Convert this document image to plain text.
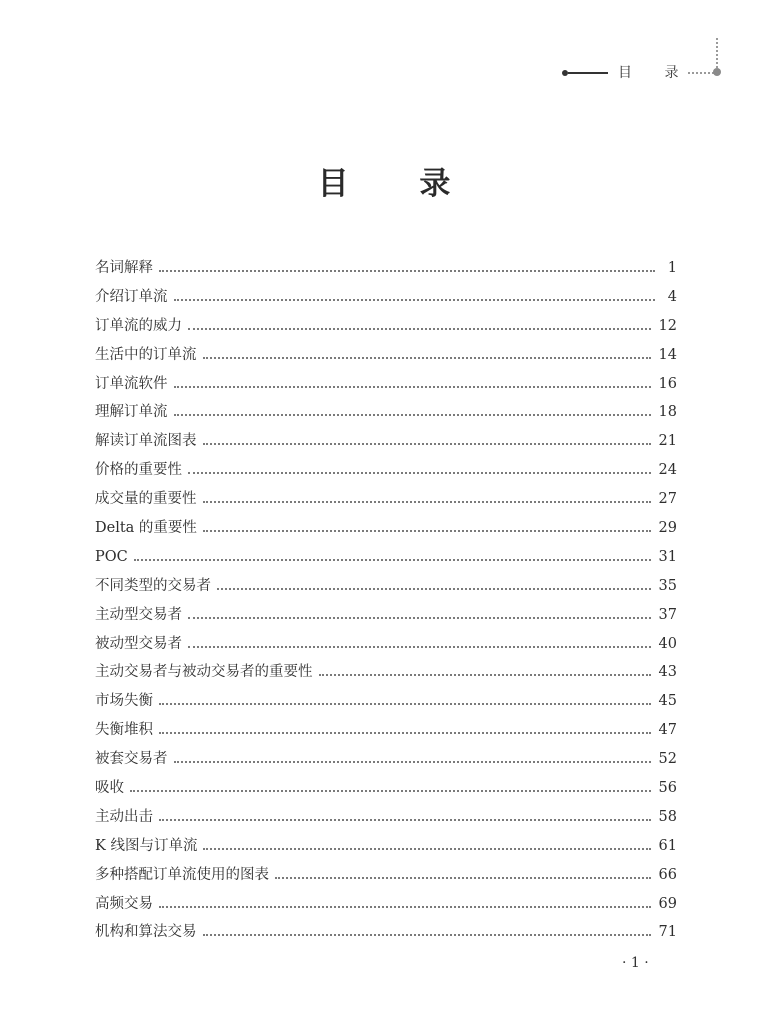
目 录
目 录
名词解释	1
介绍订单流	4
订单流的威力	12
生活中的订单流	14
订单流软件	16
理解订单流	18
解读订单流图表	21
价格的重要性	24
成交量的重要性	27
Delta 的重要性	29
POC	31
不同类型的交易者	35
主动型交易者	37
被动型交易者	40
主动交易者与被动交易者的重要性	43
市场失衡	45
失衡堆积	47
被套交易者	52
吸收	56
主动出击	58
K 线图与订单流	61
多种搭配订单流使用的图表	66
高频交易	69
机构和算法交易	71
· 1 ·
